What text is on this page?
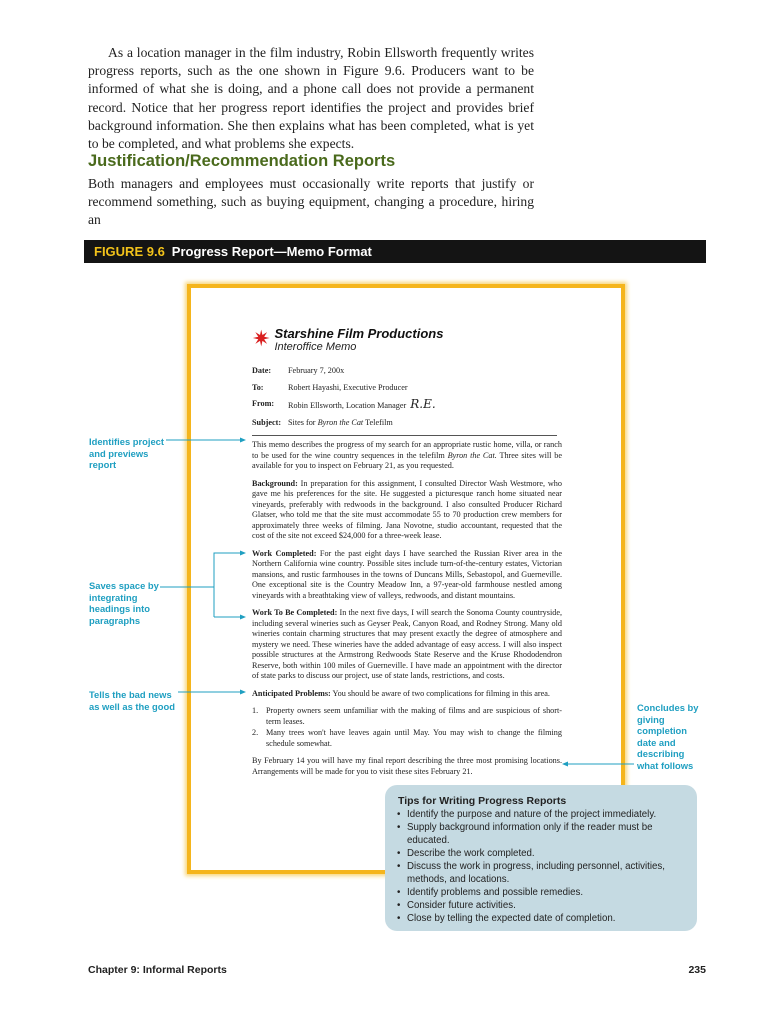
As a location manager in the film industry, Robin Ellsworth frequently writes progress reports, such as the one shown in Figure 9.6. Producers want to be informed of what she is doing, and a phone call does not provide a permanent record. Notice that her progress report identifies the project and provides brief background information. She then explains what has been completed, what is yet to be completed, and what problems she expects.

Justification/Recommendation Reports
Both managers and employees must occasionally write reports that justify or recommend something, such as buying equipment, changing a procedure, hiring an
FIGURE 9.6 Progress Report—Memo Format
✷ Starshine Film Productions
Interoffice Memo
Date:	February 7, 200x
To:	Robert Hayashi, Executive Producer
From:	Robin Ellsworth, Location Manager R.E.
Subject:	Sites for Byron the Cat Telefilm

This memo describes the progress of my search for an appropriate rustic home, villa, or ranch to be used for the wine country sequences in the telefilm Byron the Cat. Three sites will be available for you to inspect on February 21, as you requested.

Background: In preparation for this assignment, I consulted Director Wash Westmore, who gave me his preferences for the site. He suggested a picturesque ranch home situated near vineyards, preferably with redwoods in the background. I also consulted Producer Richard Glatser, who told me that the site must accommodate 55 to 70 production crew members for approximately three weeks of filming. Jana Novotne, studio accountant, requested that the cost of the site not exceed $24,000 for a three-week lease.

Work Completed: For the past eight days I have searched the Russian River area in the Northern California wine country. Possible sites include turn-of-the-century estates, Victorian mansions, and rustic farmhouses in the towns of Duncans Mills, Sebastopol, and Guerneville. One exceptional site is the Country Meadow Inn, a 97-year-old farmhouse nestled among vineyards with a breathtaking view of valleys, redwoods, and distant mountains.

Work To Be Completed: In the next five days, I will search the Sonoma County countryside, including several wineries such as Geyser Peak, Canyon Road, and Rodney Strong. Many old wineries contain charming structures that may present exactly the degree of atmosphere and mystery we need. These wineries have the added advantage of easy access. I will also inspect possible structures at the Armstrong Redwoods State Reserve and the Kruse Rhododendron Reserve, both within 100 miles of Guerneville. I have made an appointment with the director of state parks to discuss our project, use of state lands, restrictions, and costs.

Anticipated Problems: You should be aware of two complications for filming in this area.

1. Property owners seem unfamiliar with the making of films and are suspicious of short-term leases.
2. Many trees won't have leaves again until May. You may wish to change the filming schedule somewhat.

By February 14 you will have my final report describing the three most promising locations. Arrangements will be made for you to visit these sites February 21.

Identifies project and previews report
Saves space by integrating headings into paragraphs
Tells the bad news as well as the good	Concludes by giving completion date and describing what follows
Tips for Writing Progress Reports
• Identify the purpose and nature of the project immediately.
• Supply background information only if the reader must be educated.
• Describe the work completed.
• Discuss the work in progress, including personnel, activities, methods, and locations.
• Identify problems and possible remedies.
• Consider future activities.
• Close by telling the expected date of completion.
Chapter 9: Informal Reports	235
